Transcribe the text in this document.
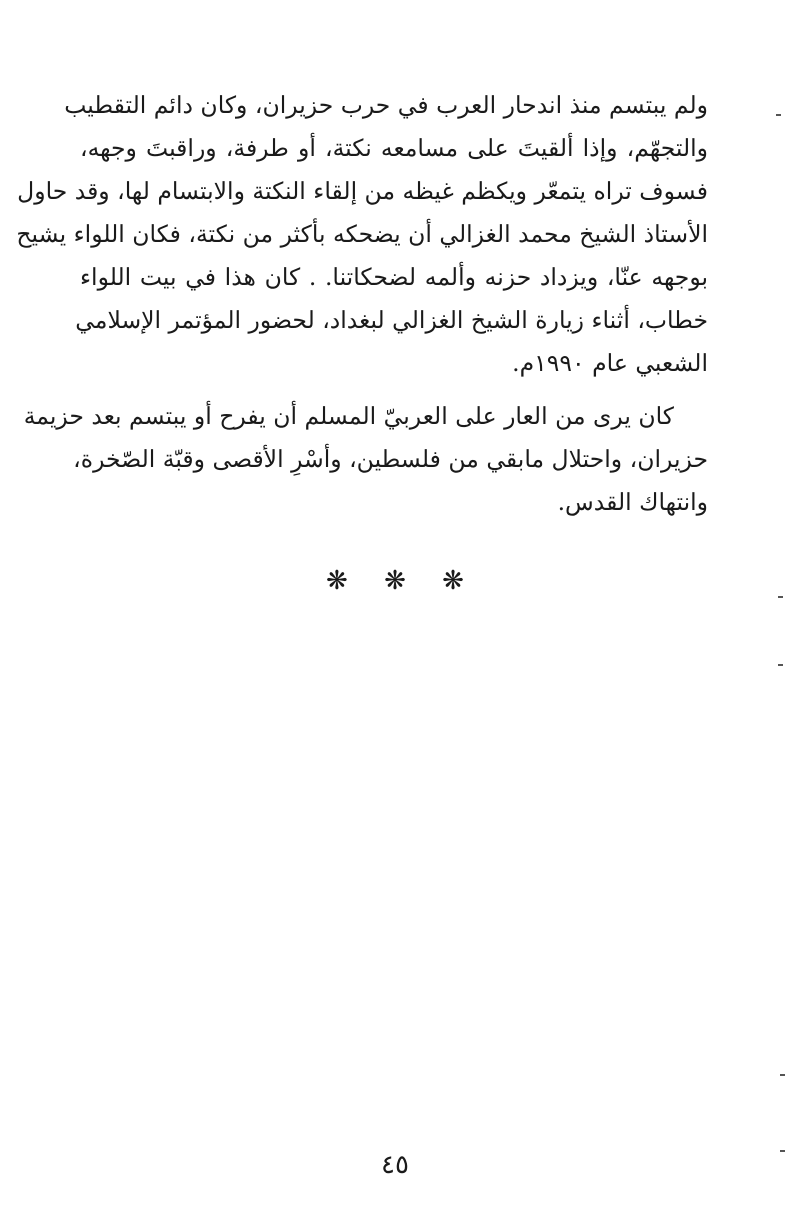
ولم يبتسم منذ اندحار العرب في حرب حزيران، وكان دائم التقطيب
والتجهّم، وإذا ألقيتَ على مسامعه نكتة، أو طرفة، وراقبتَ وجهه،
فسوف تراه يتمعّر ويكظم غيظه من إلقاء النكتة والابتسام لها، وقد حاول
الأستاذ الشيخ محمد الغزالي أن يضحكه بأكثر من نكتة، فكان اللواء يشيح
بوجهه عنّا، ويزداد حزنه وألمه لضحكاتنا. . كان هذا في بيت اللواء
خطاب، أثناء زيارة الشيخ الغزالي لبغداد، لحضور المؤتمر الإسلامي
الشعبي عام ١٩٩٠م.
كان يرى من العار على العربيّ المسلم أن يفرح أو يبتسم بعد حزيمة
حزيران، واحتلال مابقي من فلسطين، وأسْرِ الأقصى وقبّة الصّخرة،
وانتهاك القدس.
❋ ❋ ❋
٤٥
